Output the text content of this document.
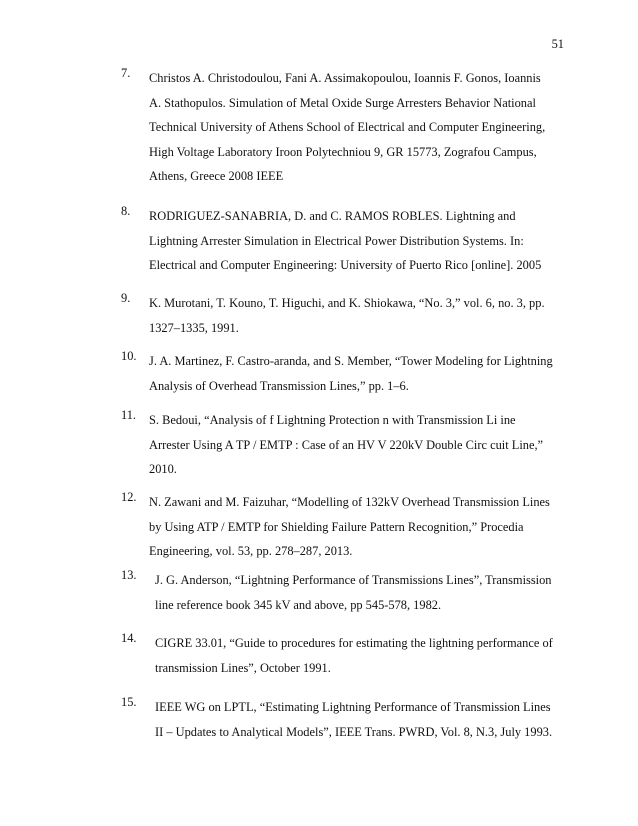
51
7. Christos A. Christodoulou, Fani A. Assimakopoulou, Ioannis F. Gonos, Ioannis
A. Stathopulos. Simulation of Metal Oxide Surge Arresters Behavior National
Technical University of Athens School of Electrical and Computer Engineering,
High Voltage Laboratory Iroon Polytechniou 9, GR 15773, Zografou Campus,
Athens, Greece 2008 IEEE
8. RODRIGUEZ-SANABRIA, D. and C. RAMOS ROBLES. Lightning and
Lightning Arrester Simulation in Electrical Power Distribution Systems. In:
Electrical and Computer Engineering: University of Puerto Rico [online]. 2005
9. K. Murotani, T. Kouno, T. Higuchi, and K. Shiokawa, “No. 3,” vol. 6, no. 3, pp.
1327–1335, 1991.
10. J. A. Martinez, F. Castro-aranda, and S. Member, “Tower Modeling for Lightning
Analysis of Overhead Transmission Lines,” pp. 1–6.
11. S. Bedoui, “Analysis of f Lightning Protection n with Transmission Li ine
Arrester Using A TP / EMTP : Case of an HV V 220kV Double Circ cuit Line,”
2010.
12. N. Zawani and M. Faizuhar, “Modelling of 132kV Overhead Transmission Lines
by Using ATP / EMTP for Shielding Failure Pattern Recognition,” Procedia
Engineering, vol. 53, pp. 278–287, 2013.
13. J. G. Anderson, “Lightning Performance of Transmissions Lines”, Transmission
line reference book 345 kV and above, pp 545-578, 1982.
14. CIGRE 33.01, “Guide to procedures for estimating the lightning performance of
transmission Lines”, October 1991.
15. IEEE WG on LPTL, “Estimating Lightning Performance of Transmission Lines
II – Updates to Analytical Models”, IEEE Trans. PWRD, Vol. 8, N.3, July 1993.
